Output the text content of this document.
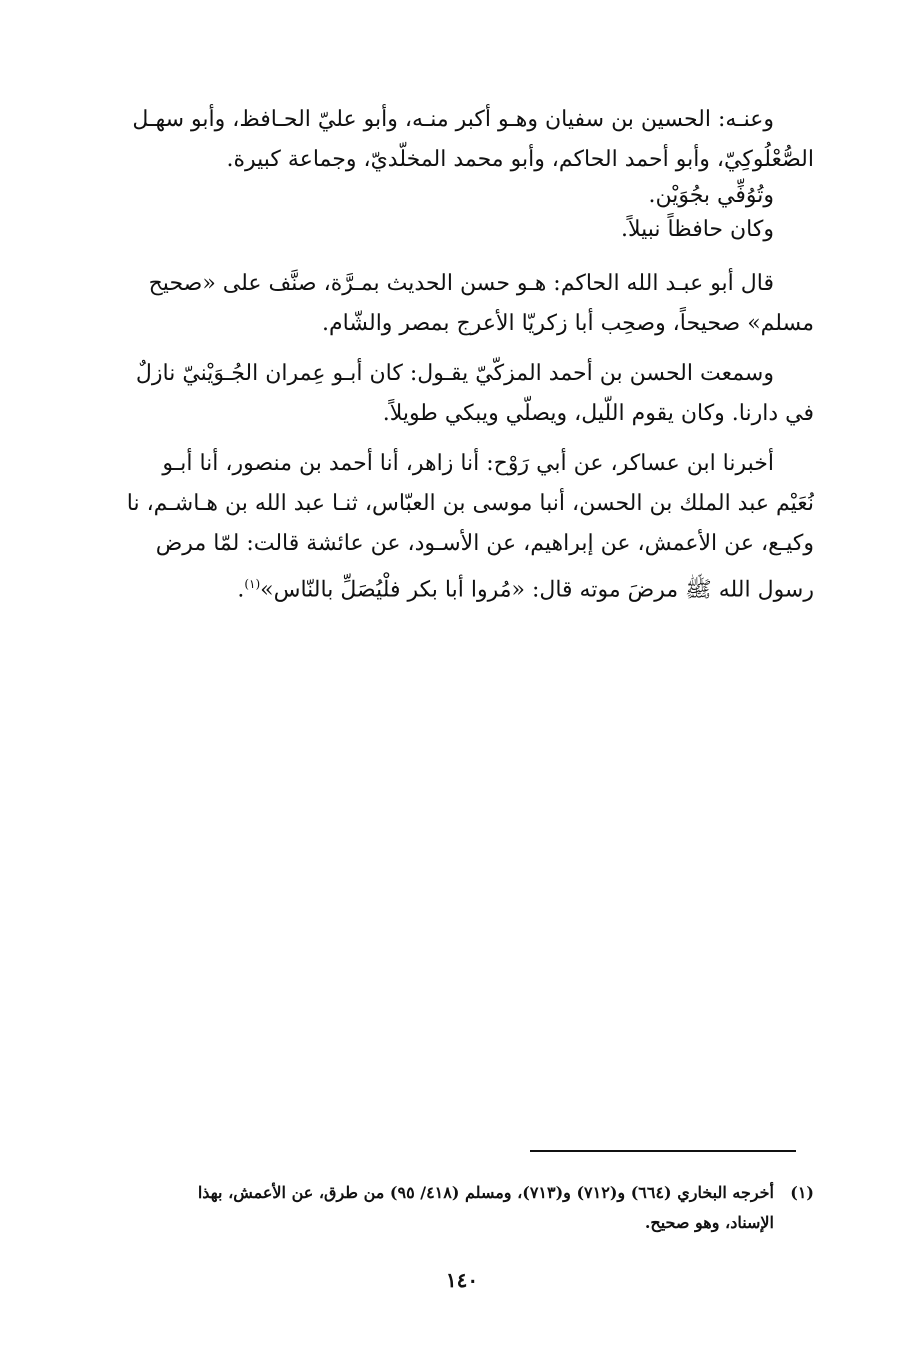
وعنـه: الحسين بن سفيان وهـو أكبر منـه، وأبو عليّ الحـافظ، وأبو سهـل
الصُّعْلُوكِيّ، وأبو أحمد الحاكم، وأبو محمد المخلّديّ، وجماعة كبيرة.
وتُوُفِّي بجُوَيْن.
وكان حافظاً نبيلاً.
قال أبو عبـد الله الحاكم: هـو حسن الحديث بمـرَّة، صنَّف على «صحيح
مسلم» صحيحاً، وصحِب أبا زكريّا الأعرج بمصر والشّام.
وسمعت الحسن بن أحمد المزكّيّ يقـول: كان أبـو عِمران الجُـوَيْنيّ نازلٌ
في دارنا. وكان يقوم اللّيل، ويصلّي ويبكي طويلاً.
أخبرنا ابن عساكر، عن أبي رَوْح: أنا زاهر، أنا أحمد بن منصور، أنا أبـو
نُعَيْم عبد الملك بن الحسن، أنبا موسى بن العبّاس، ثنـا عبد الله بن هـاشـم، نا
وكيـع، عن الأعمش، عن إبراهيم، عن الأسـود، عن عائشة قالت: لمّا مرض
رسول الله ﷺ مرضَ موته قال: «مُروا أبا بكر فلْيُصَلِّ بالنّاس»$^{(١)}$.
(١)أخرجه البخاري (٦٦٤) و(٧١٢) و(٧١٣)، ومسلم (٤١٨/ ٩٥) من طرق، عن الأعمش، بهذا
الإسناد، وهو صحيح.
١٤٠
